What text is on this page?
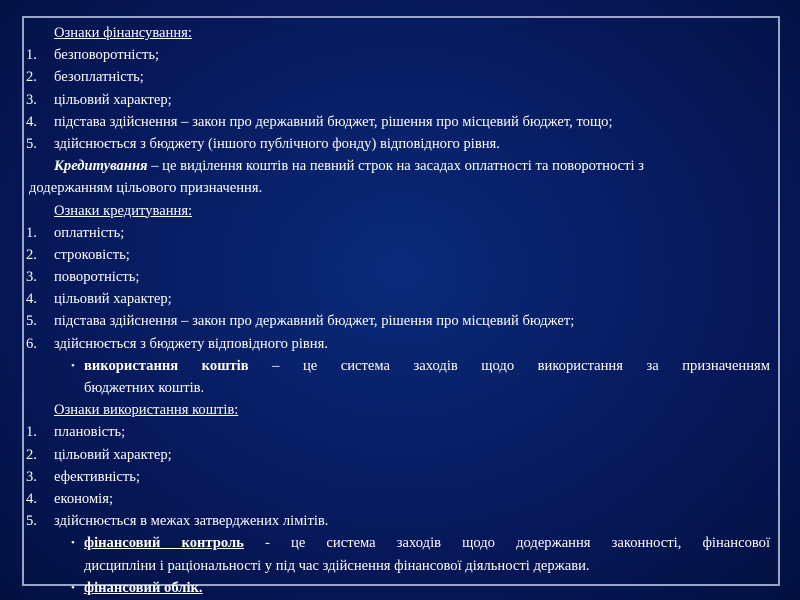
Ознаки фінансування:
1. безповоротність;
2. безоплатність;
3. цільовий характер;
4. підстава здійснення – закон про державний бюджет, рішення про місцевий бюджет, тощо;
5. здійснюється з бюджету (іншого публічного фонду) відповідного рівня.
Кредитування – це виділення коштів на певний строк на засадах оплатності та поворотності з
додержанням цільового призначення.
Ознаки кредитування:
1. оплатність;
2. строковість;
3. поворотність;
4. цільовий характер;
5. підстава здійснення – закон про державний бюджет, рішення про місцевий бюджет;
6. здійснюється з бюджету відповідного рівня.
• використання коштів – це система заходів щодо використання за призначенням
бюджетних коштів.
Ознаки використання коштів:
1. плановість;
2. цільовий характер;
3. ефективність;
4. економія;
5. здійснюється в межах затверджених лімітів.
• фінансовий контроль - це система заходів щодо додержання законності, фінансової
дисципліни і раціональності у під час здійснення фінансової діяльності держави.
• фінансовий облік.
